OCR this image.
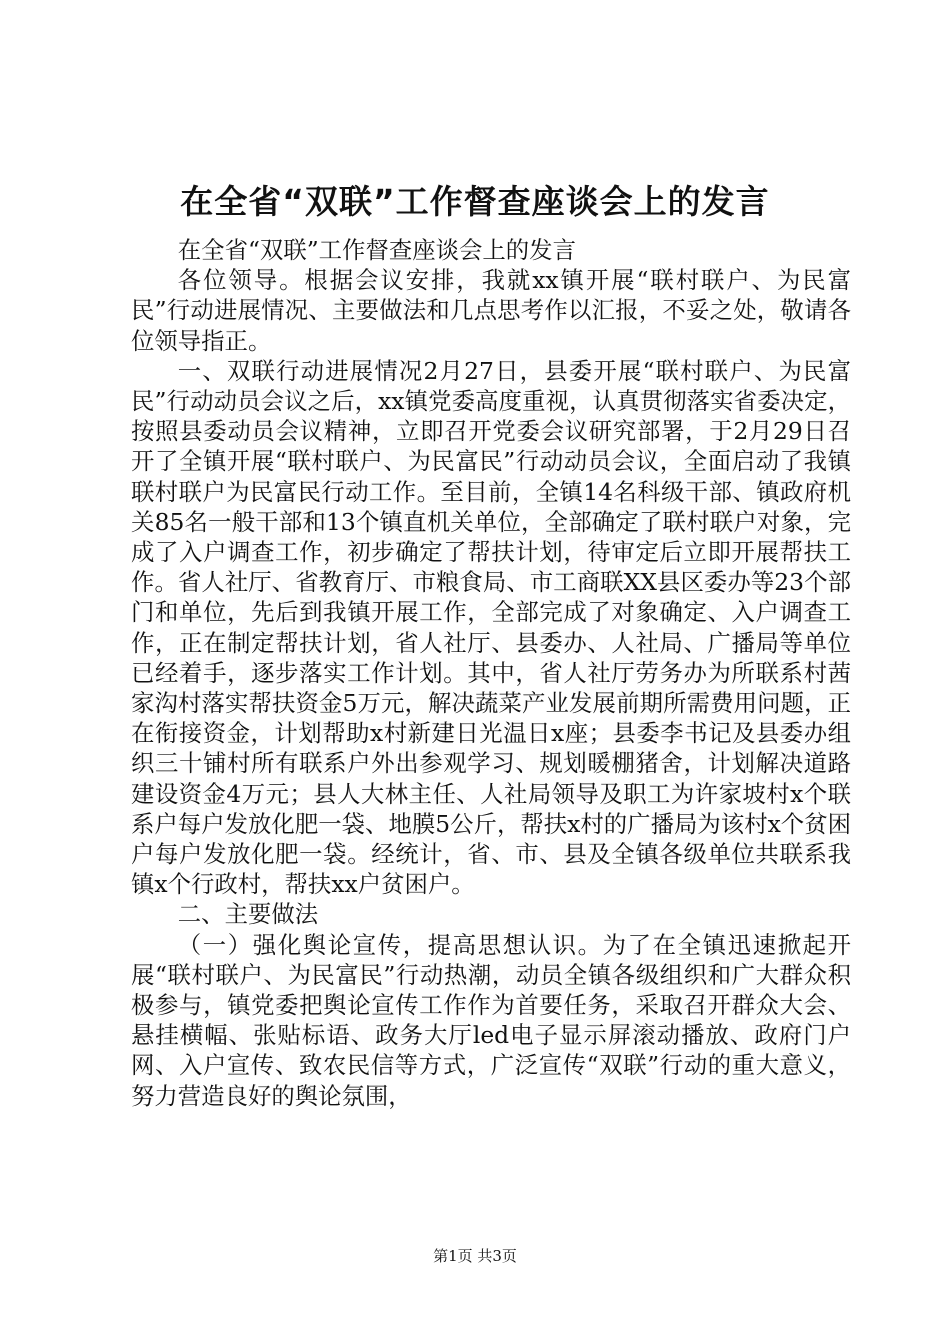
在全省“双联”工作督查座谈会上的发言

在全省“双联”工作督查座谈会上的发言

各位领导。根据会议安排，我就xx镇开展“联村联户、为民富民”行动进展情况、主要做法和几点思考作以汇报，不妥之处，敬请各位领导指正。

一、双联行动进展情况2月27日，县委开展“联村联户、为民富民”行动动员会议之后，xx镇党委高度重视，认真贯彻落实省委决定，按照县委动员会议精神，立即召开党委会议研究部署，于2月29日召开了全镇开展“联村联户、为民富民”行动动员会议，全面启动了我镇联村联户为民富民行动工作。至目前，全镇14名科级干部、镇政府机关85名一般干部和13个镇直机关单位，全部确定了联村联户对象，完成了入户调查工作，初步确定了帮扶计划，待审定后立即开展帮扶工作。省人社厅、省教育厅、市粮食局、市工商联XX县区委办等23个部门和单位，先后到我镇开展工作，全部完成了对象确定、入户调查工作，正在制定帮扶计划，省人社厅、县委办、人社局、广播局等单位已经着手，逐步落实工作计划。其中，省人社厅劳务办为所联系村茜家沟村落实帮扶资金5万元，解决蔬菜产业发展前期所需费用问题，正在衔接资金，计划帮助x村新建日光温日x座；县委李书记及县委办组织三十铺村所有联系户外出参观学习、规划暖棚猪舍，计划解决道路建设资金4万元；县人大林主任、人社局领导及职工为许家坡村x个联系户每户发放化肥一袋、地膜5公斤，帮扶x村的广播局为该村x个贫困户每户发放化肥一袋。经统计，省、市、县及全镇各级单位共联系我镇x个行政村，帮扶xx户贫困户。

二、主要做法

（一）强化舆论宣传，提高思想认识。为了在全镇迅速掀起开展“联村联户、为民富民”行动热潮，动员全镇各级组织和广大群众积极参与，镇党委把舆论宣传工作作为首要任务，采取召开群众大会、悬挂横幅、张贴标语、政务大厅led电子显示屏滚动播放、政府门户网、入户宣传、致农民信等方式，广泛宣传“双联”行动的重大意义，努力营造良好的舆论氛围，

第1页 共3页
